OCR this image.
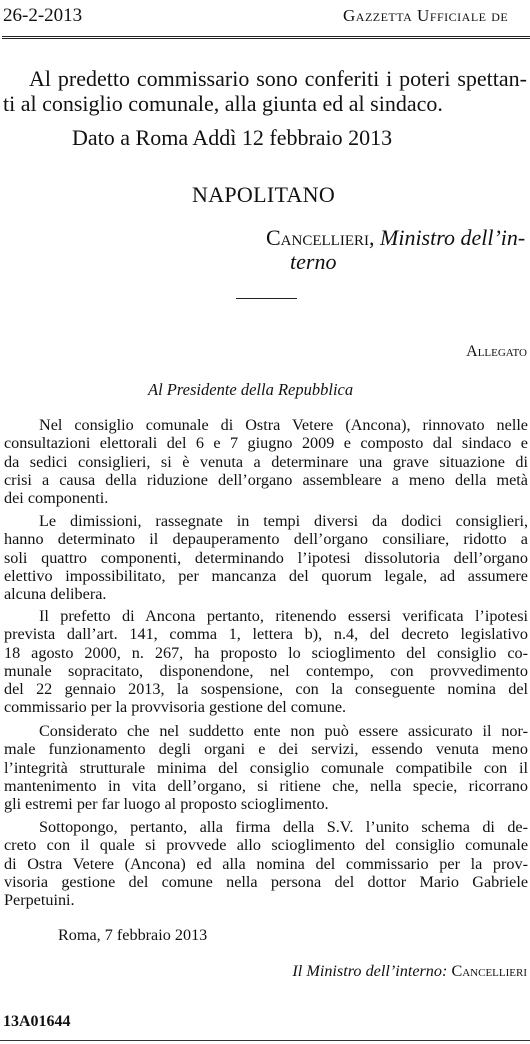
26-2-2013	Gazzetta Ufficiale de
Al predetto commissario sono conferiti i poteri spettan-
ti al consiglio comunale, alla giunta ed al sindaco.
Dato a Roma Addì 12 febbraio 2013
NAPOLITANO
Cancellieri, Ministro dell’in-
terno
Allegato
Al Presidente della Repubblica
Nel consiglio comunale di Ostra Vetere (Ancona), rinnovato nelle
consultazioni elettorali del 6 e 7 giugno 2009 e composto dal sindaco e
da sedici consiglieri, si è venuta a determinare una grave situazione di
crisi a causa della riduzione dell’organo assembleare a meno della metà
dei componenti.
Le dimissioni, rassegnate in tempi diversi da dodici consiglieri,
hanno determinato il depauperamento dell’organo consiliare, ridotto a
soli quattro componenti, determinando l’ipotesi dissolutoria dell’organo
elettivo impossibilitato, per mancanza del quorum legale, ad assumere
alcuna delibera.
Il prefetto di Ancona pertanto, ritenendo essersi verificata l’ipotesi
prevista dall’art. 141, comma 1, lettera b), n.4, del decreto legislativo
18 agosto 2000, n. 267, ha proposto lo scioglimento del consiglio co-
munale sopracitato, disponendone, nel contempo, con provvedimento
del 22 gennaio 2013, la sospensione, con la conseguente nomina del
commissario per la provvisoria gestione del comune.
Considerato che nel suddetto ente non può essere assicurato il nor-
male funzionamento degli organi e dei servizi, essendo venuta meno
l’integrità strutturale minima del consiglio comunale compatibile con il
mantenimento in vita dell’organo, si ritiene che, nella specie, ricorrano
gli estremi per far luogo al proposto scioglimento.
Sottopongo, pertanto, alla firma della S.V. l’unito schema di de-
creto con il quale si provvede allo scioglimento del consiglio comunale
di Ostra Vetere (Ancona) ed alla nomina del commissario per la prov-
visoria gestione del comune nella persona del dottor Mario Gabriele
Perpetuini.
Roma, 7 febbraio 2013
Il Ministro dell’interno: Cancellieri
13A01644
